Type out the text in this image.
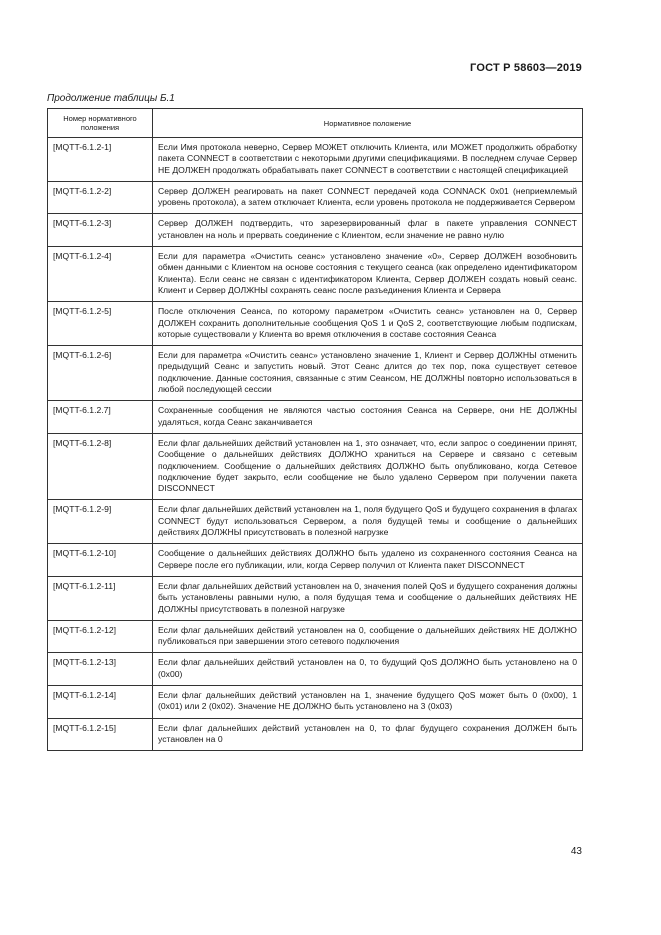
ГОСТ Р 58603—2019
Продолжение таблицы Б.1
Номер нормативного положения	Нормативное положение
[MQTT-6.1.2-1]	Если Имя протокола неверно, Сервер МОЖЕТ отключить Клиента, или МОЖЕТ продолжить обработку пакета CONNECT в соответствии с некоторыми другими спецификациями. В последнем случае Сервер НЕ ДОЛЖЕН продолжать обрабатывать пакет CONNECT в соответствии с настоящей спецификацией
[MQTT-6.1.2-2]	Сервер ДОЛЖЕН реагировать на пакет CONNECT передачей кода CONNACK 0x01 (неприемлемый уровень протокола), а затем отключает Клиента, если уровень протокола не поддерживается Сервером
[MQTT-6.1.2-3]	Сервер ДОЛЖЕН подтвердить, что зарезервированный флаг в пакете управления CONNECT установлен на ноль и прервать соединение с Клиентом, если значение не равно нулю
[MQTT-6.1.2-4]	Если для параметра «Очистить сеанс» установлено значение «0», Сервер ДОЛЖЕН возобновить обмен данными с Клиентом на основе состояния с текущего сеанса (как определено идентификатором Клиента). Если сеанс не связан с идентификатором Клиента, Сервер ДОЛЖЕН создать новый сеанс. Клиент и Сервер ДОЛЖНЫ сохранять сеанс после разъединения Клиента и Сервера
[MQTT-6.1.2-5]	После отключения Сеанса, по которому параметром «Очистить сеанс» установлен на 0, Сервер ДОЛЖЕН сохранить дополнительные сообщения QoS 1 и QoS 2, соответствующие любым подпискам, которые существовали у Клиента во время отключения в составе состояния Сеанса
[MQTT-6.1.2-6]	Если для параметра «Очистить сеанс» установлено значение 1, Клиент и Сервер ДОЛЖНЫ отменить предыдущий Сеанс и запустить новый. Этот Сеанс длится до тех пор, пока существует сетевое подключение. Данные состояния, связанные с этим Сеансом, НЕ ДОЛЖНЫ повторно использоваться в любой последующей сессии
[MQTT-6.1.2.7]	Сохраненные сообщения не являются частью состояния Сеанса на Сервере, они НЕ ДОЛЖНЫ удаляться, когда Сеанс заканчивается
[MQTT-6.1.2-8]	Если флаг дальнейших действий установлен на 1, это означает, что, если запрос о соединении принят, Сообщение о дальнейших действиях ДОЛЖНО храниться на Сервере и связано с сетевым подключением. Сообщение о дальнейших действиях ДОЛЖНО быть опубликовано, когда Сетевое подключение будет закрыто, если сообщение не было удалено Сервером при получении пакета DISCONNECT
[MQTT-6.1.2-9]	Если флаг дальнейших действий установлен на 1, поля будущего QoS и будущего сохранения в флагах CONNECT будут использоваться Сервером, а поля будущей темы и сообщение о дальнейших действиях ДОЛЖНЫ присутствовать в полезной нагрузке
[MQTT-6.1.2-10]	Сообщение о дальнейших действиях ДОЛЖНО быть удалено из сохраненного состояния Сеанса на Сервере после его публикации, или, когда Сервер получил от Клиента пакет DISCONNECT
[MQTT-6.1.2-11]	Если флаг дальнейших действий установлен на 0, значения полей QoS и будущего сохранения должны быть установлены равными нулю, а поля будущая тема и сообщение о дальнейших действиях НЕ ДОЛЖНЫ присутствовать в полезной нагрузке
[MQTT-6.1.2-12]	Если флаг дальнейших действий установлен на 0, сообщение о дальнейших действиях НЕ ДОЛЖНО публиковаться при завершении этого сетевого подключения
[MQTT-6.1.2-13]	Если флаг дальнейших действий установлен на 0, то будущий QoS ДОЛЖНО быть установлено на 0 (0x00)
[MQTT-6.1.2-14]	Если флаг дальнейших действий установлен на 1, значение будущего QoS может быть 0 (0x00), 1 (0x01) или 2 (0x02). Значение НЕ ДОЛЖНО быть установлено на 3 (0x03)
[MQTT-6.1.2-15]	Если флаг дальнейших действий установлен на 0, то флаг будущего сохранения ДОЛЖЕН быть установлен на 0
43
